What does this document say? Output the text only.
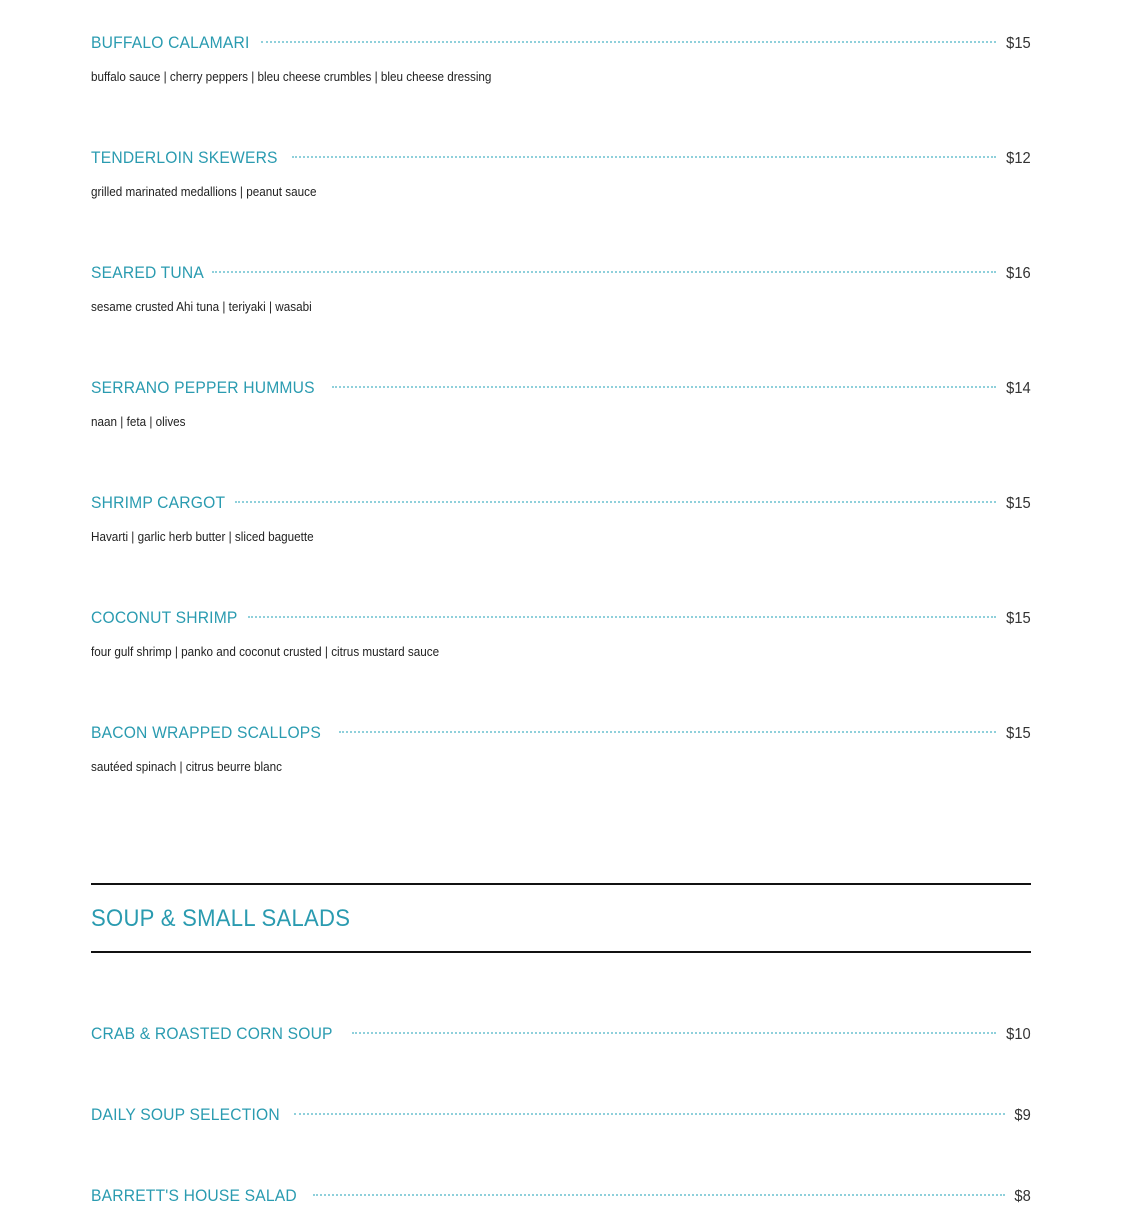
BUFFALO CALAMARI	$15
buffalo sauce | cherry peppers | bleu cheese crumbles | bleu cheese dressing
TENDERLOIN SKEWERS	$12
grilled marinated medallions | peanut sauce
SEARED TUNA	$16
sesame crusted Ahi tuna | teriyaki | wasabi
SERRANO PEPPER HUMMUS	$14
naan | feta | olives
SHRIMP CARGOT	$15
Havarti | garlic herb butter | sliced baguette
COCONUT SHRIMP	$15
four gulf shrimp | panko and coconut crusted | citrus mustard sauce
BACON WRAPPED SCALLOPS	$15
sautéed spinach | citrus beurre blanc
SOUP & SMALL SALADS
CRAB & ROASTED CORN SOUP	$10
DAILY SOUP SELECTION	$9
BARRETT'S HOUSE SALAD	$8
